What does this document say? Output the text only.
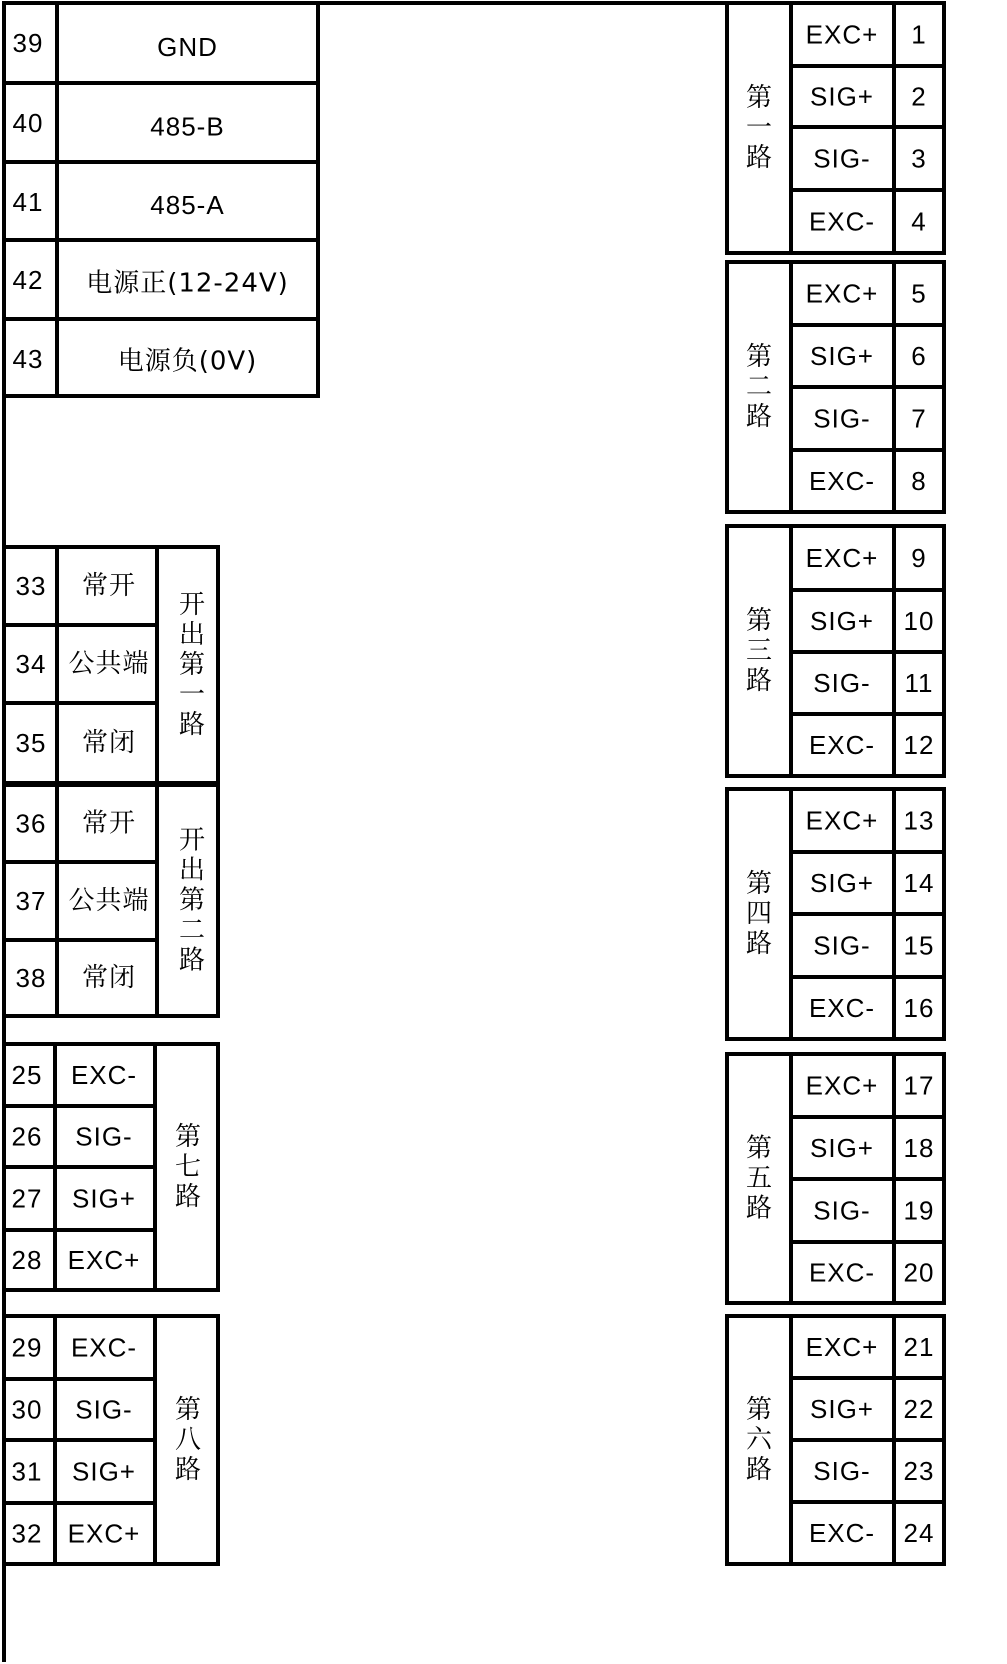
39	GND
40	485-B
41	485-A
42 电源正(12-24V)
43	电源负(0V)
33 常开
34 公共端
35 常闭
开出第一路
36 常开
37 公共端
38 常闭
开出第二路
25 EXC-
26 SIG-
27 SIG+
28 EXC+
第七路
29 EXC-
30 SIG-
31 SIG+
32 EXC+
第八路
EXC+ 1
SIG+ 2
SIG- 3
EXC- 4
第一路
EXC+ 5
SIG+ 6
SIG- 7
EXC- 8
第二路
EXC+ 9
SIG+ 10
SIG- 11
EXC- 12
第三路
EXC+ 13
SIG+ 14
SIG- 15
EXC- 16
第四路
EXC+ 17
SIG+ 18
SIG- 19
EXC- 20
第五路
EXC+ 21
SIG+ 22
SIG- 23
EXC- 24
第六路
